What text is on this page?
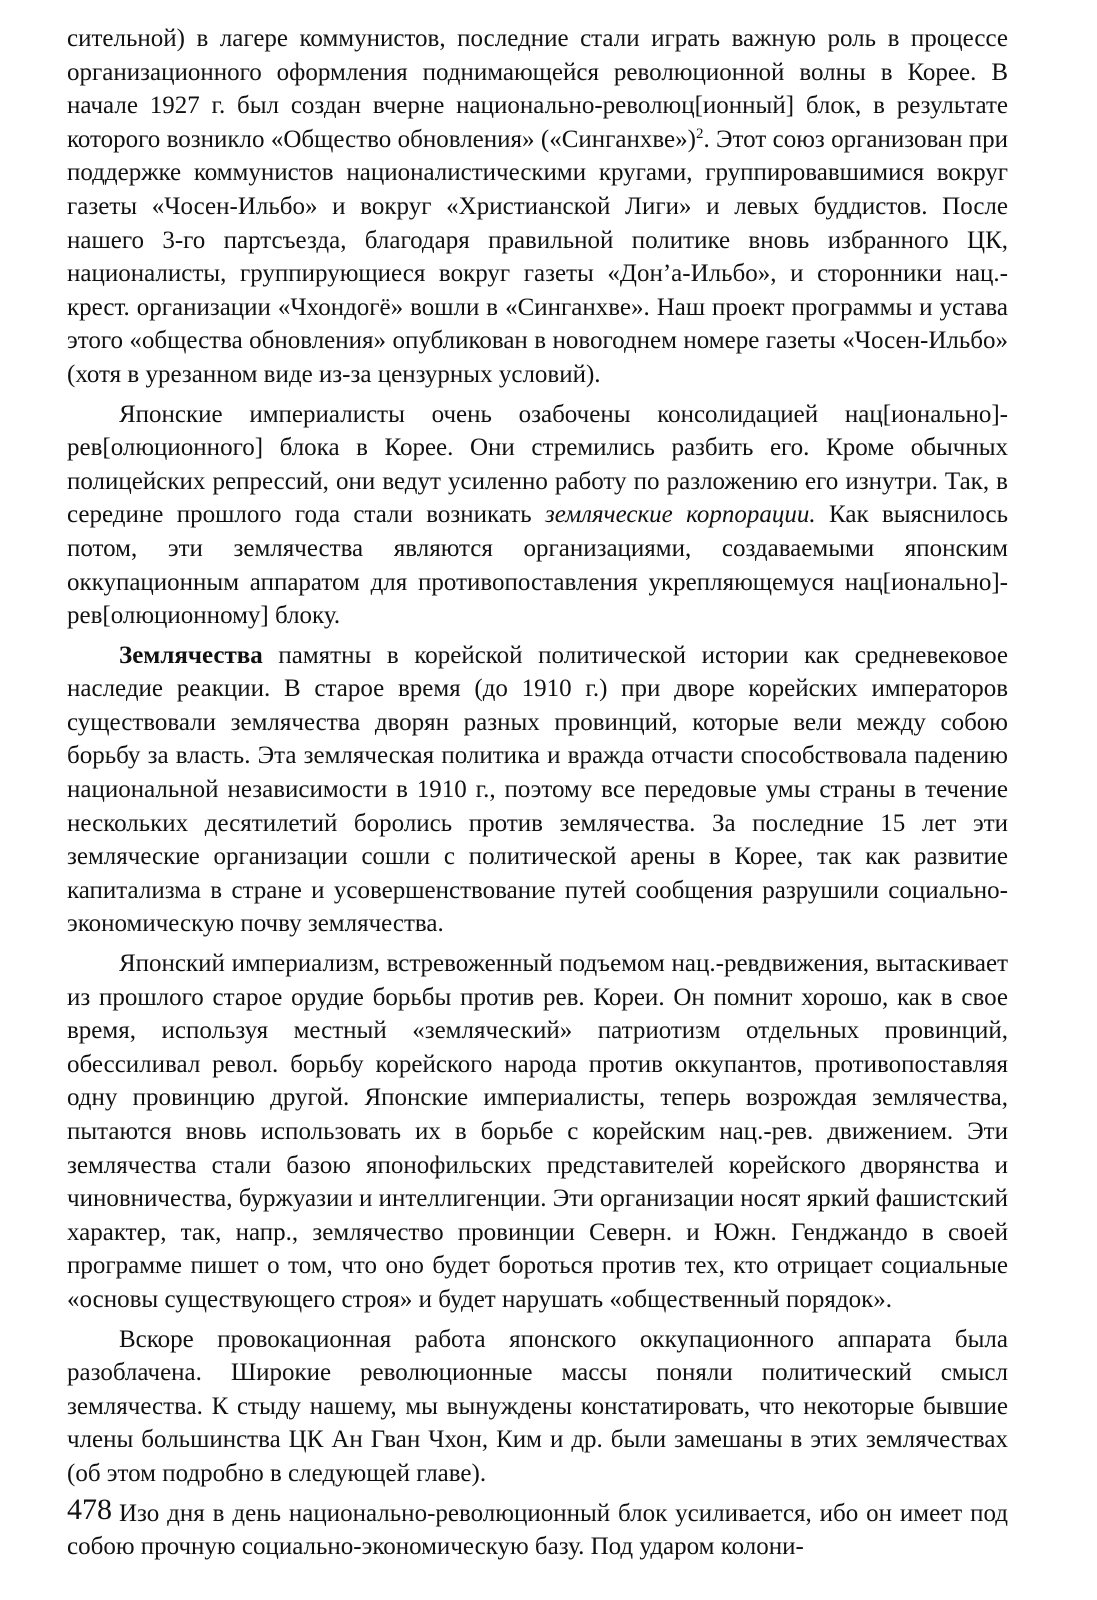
сительной) в лагере коммунистов, последние стали играть важную роль в процессе организационного оформления поднимающейся революционной волны в Корее. В начале 1927 г. был создан вчерне национально-революц[ионный] блок, в результате которого возникло «Общество обновления» («Синганхве»)$^2$. Этот союз организован при поддержке коммунистов националистическими кругами, группировавшимися вокруг газеты «Чосен-Ильбо» и вокруг «Христианской Лиги» и левых буддистов. После нашего 3-го партсъезда, благодаря правильной политике вновь избранного ЦК, националисты, группирующиеся вокруг газеты «Дон’а-Ильбо», и сторонники нац.-крест. организации «Чхондогё» вошли в «Синганхве». Наш проект программы и устава этого «общества обновления» опубликован в новогоднем номере газеты «Чосен-Ильбо» (хотя в урезанном виде из-за цензурных условий).

Японские империалисты очень озабочены консолидацией нац[ионально]-рев[олюционного] блока в Корее. Они стремились разбить его. Кроме обычных полицейских репрессий, они ведут усиленно работу по разложению его изнутри. Так, в середине прошлого года стали возникать земляческие корпорации. Как выяснилось потом, эти землячества являются организациями, создаваемыми японским оккупационным аппаратом для противопоставления укрепляющемуся нац[ионально]-рев[олюционному] блоку.

Землячества памятны в корейской политической истории как средневековое наследие реакции. В старое время (до 1910 г.) при дворе корейских императоров существовали землячества дворян разных провинций, которые вели между собою борьбу за власть. Эта земляческая политика и вражда отчасти способствовала падению национальной независимости в 1910 г., поэтому все передовые умы страны в течение нескольких десятилетий боролись против землячества. За последние 15 лет эти земляческие организации сошли с политической арены в Корее, так как развитие капитализма в стране и усовершенствование путей сообщения разрушили социально-экономическую почву землячества.

Японский империализм, встревоженный подъемом нац.-ревдвижения, вытаскивает из прошлого старое орудие борьбы против рев. Кореи. Он помнит хорошо, как в свое время, используя местный «земляческий» патриотизм отдельных провинций, обессиливал револ. борьбу корейского народа против оккупантов, противопоставляя одну провинцию другой. Японские империалисты, теперь возрождая землячества, пытаются вновь использовать их в борьбе с корейским нац.-рев. движением. Эти землячества стали базою японофильских представителей корейского дворянства и чиновничества, буржуазии и интеллигенции. Эти организации носят яркий фашистский характер, так, напр., землячество провинции Северн. и Южн. Генджандо в своей программе пишет о том, что оно будет бороться против тех, кто отрицает социальные «основы существующего строя» и будет нарушать «общественный порядок».

Вскоре провокационная работа японского оккупационного аппарата была разоблачена. Широкие революционные массы поняли политический смысл землячества. К стыду нашему, мы вынуждены констатировать, что некоторые бывшие члены большинства ЦК Ан Гван Чхон, Ким и др. были замешаны в этих землячествах (об этом подробно в следующей главе).

Изо дня в день национально-революционный блок усиливается, ибо он имеет под собою прочную социально-экономическую базу. Под ударом колони-

478
